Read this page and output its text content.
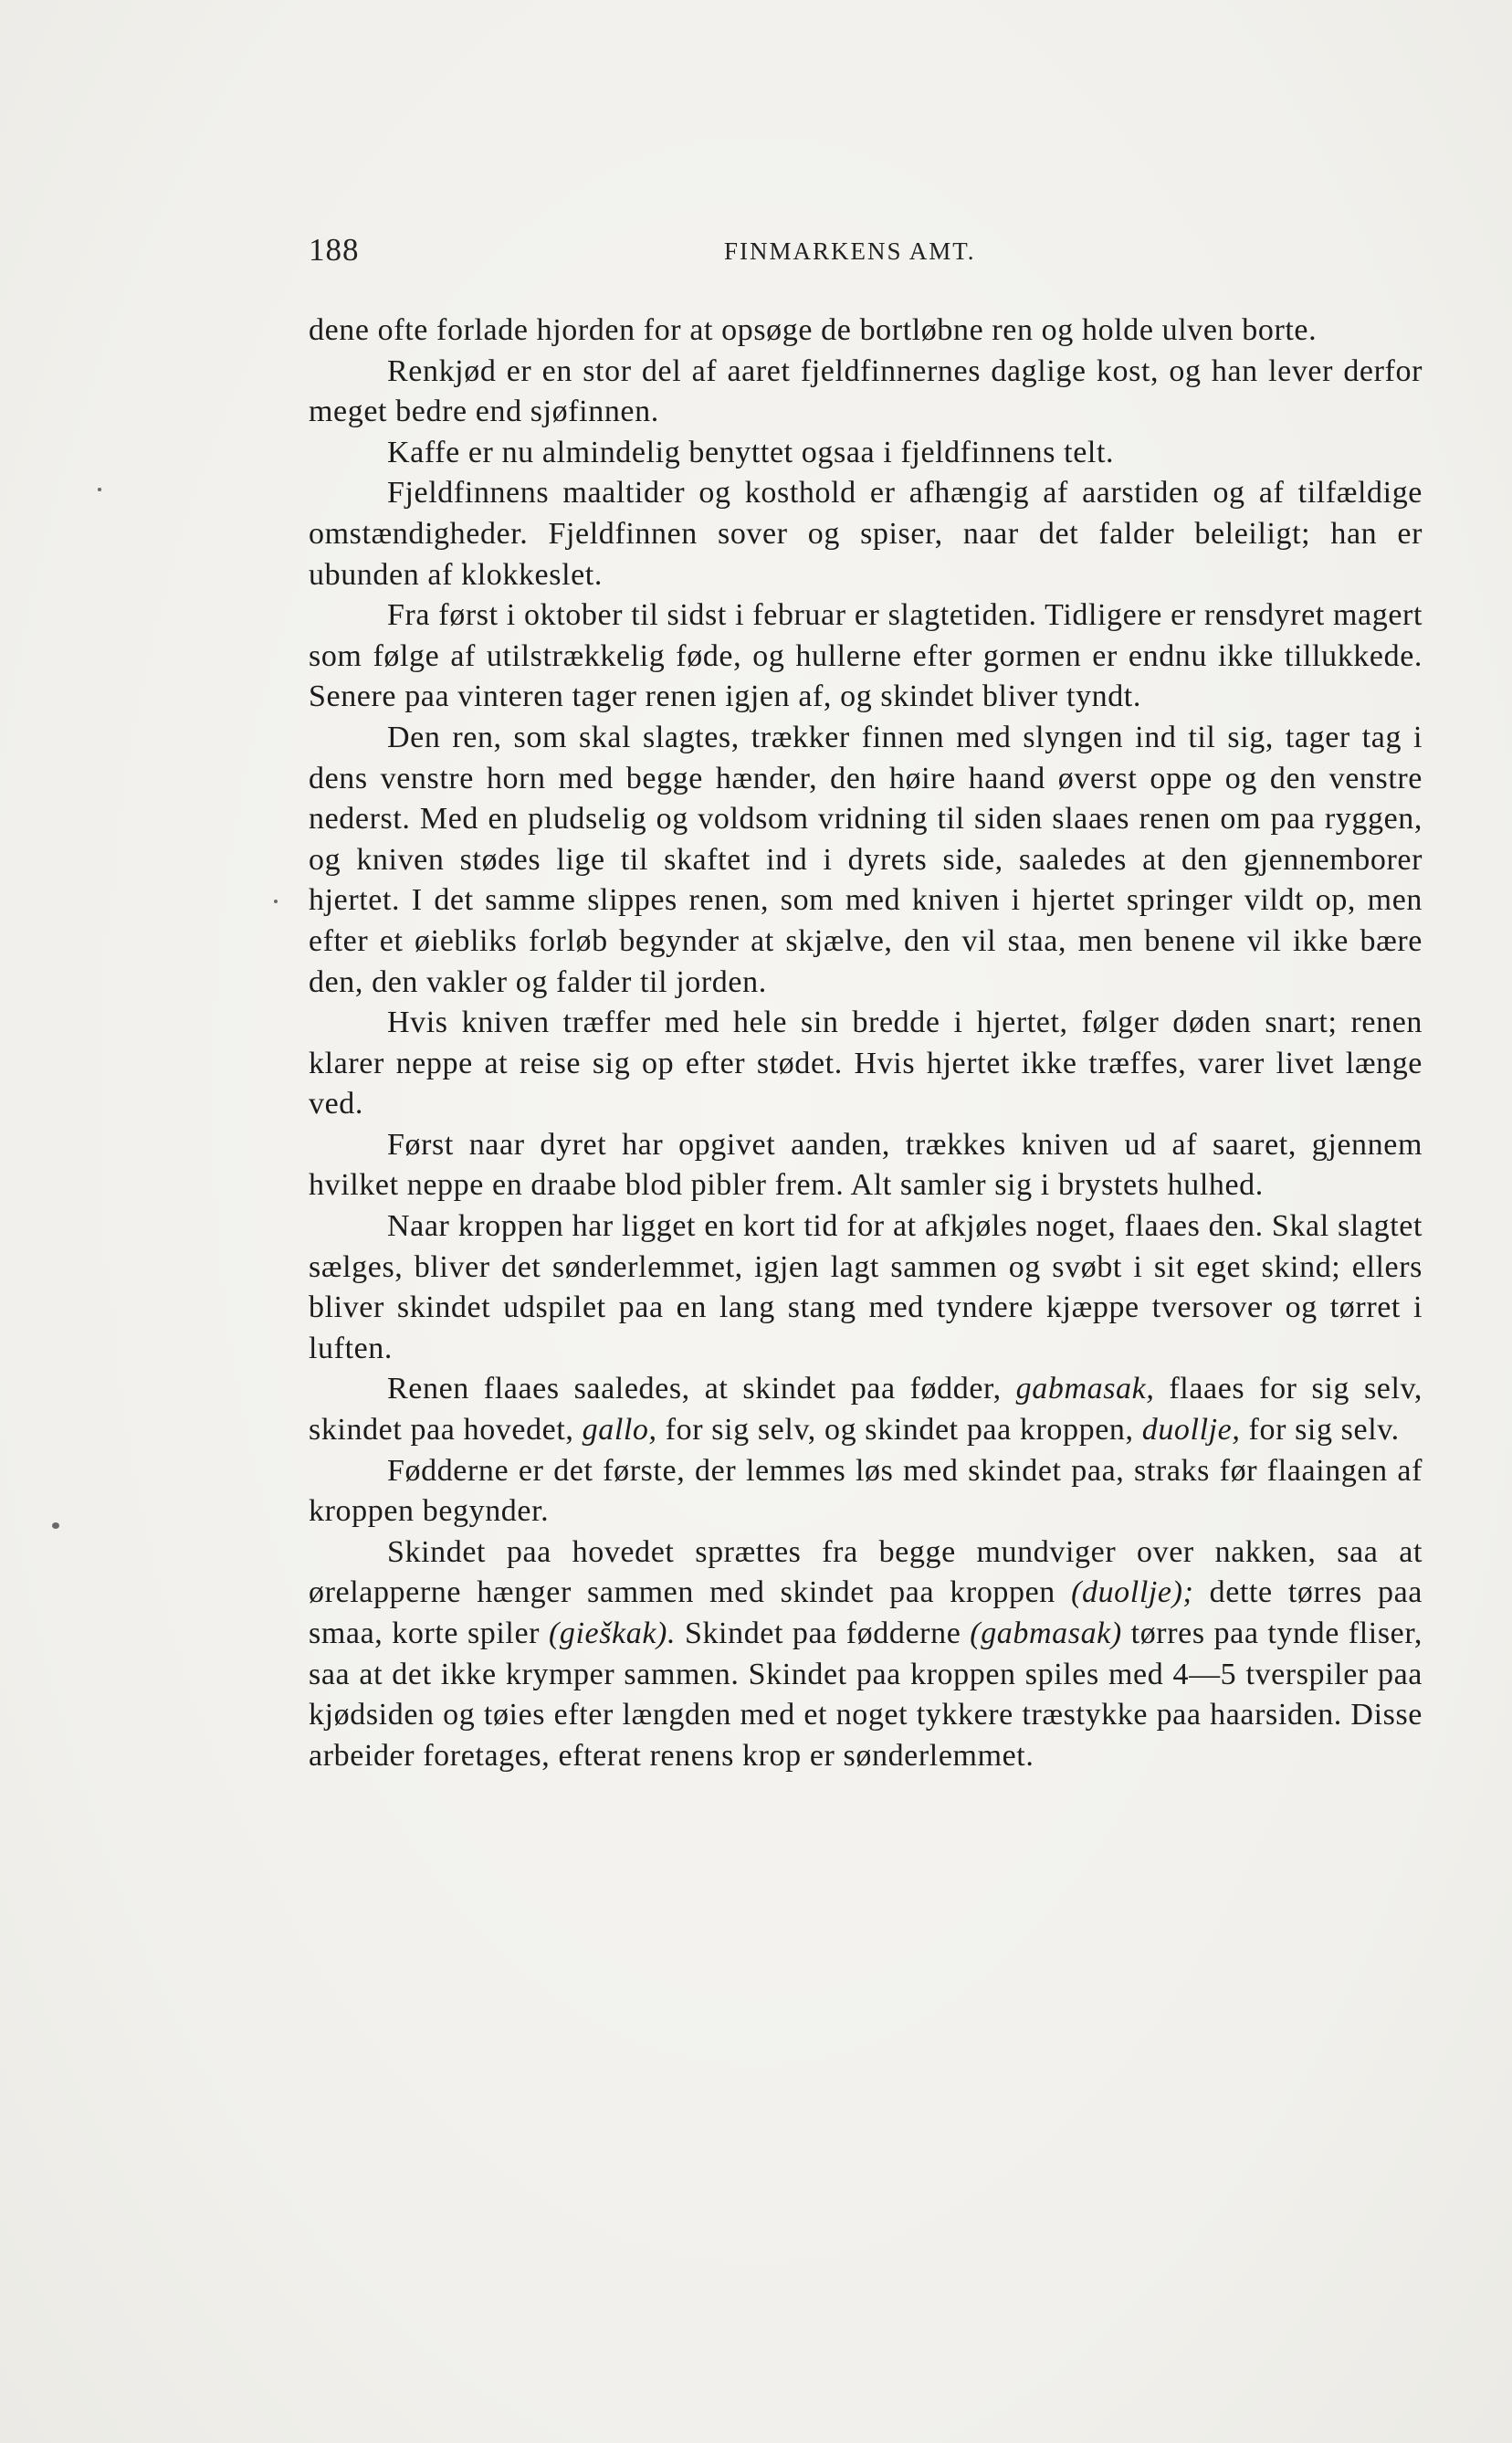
188	FINMARKENS AMT.

dene ofte forlade hjorden for at opsøge de bortløbne ren og holde ulven borte.

Renkjød er en stor del af aaret fjeldfinnernes daglige kost, og han lever derfor meget bedre end sjøfinnen.

Kaffe er nu almindelig benyttet ogsaa i fjeldfinnens telt.

Fjeldfinnens maaltider og kosthold er afhængig af aarstiden og af tilfældige omstændigheder. Fjeldfinnen sover og spiser, naar det falder beleiligt; han er ubunden af klokkeslet.

Fra først i oktober til sidst i februar er slagtetiden. Tidligere er rensdyret magert som følge af utilstrækkelig føde, og hullerne efter gormen er endnu ikke tillukkede. Senere paa vinteren tager renen igjen af, og skindet bliver tyndt.

Den ren, som skal slagtes, trækker finnen med slyngen ind til sig, tager tag i dens venstre horn med begge hænder, den høire haand øverst oppe og den venstre nederst. Med en pludselig og voldsom vridning til siden slaaes renen om paa ryggen, og kniven stødes lige til skaftet ind i dyrets side, saaledes at den gjennemborer hjertet. I det samme slippes renen, som med kniven i hjertet springer vildt op, men efter et øiebliks forløb begynder at skjælve, den vil staa, men benene vil ikke bære den, den vakler og falder til jorden.

Hvis kniven træffer med hele sin bredde i hjertet, følger døden snart; renen klarer neppe at reise sig op efter stødet. Hvis hjertet ikke træffes, varer livet længe ved.

Først naar dyret har opgivet aanden, trækkes kniven ud af saaret, gjennem hvilket neppe en draabe blod pibler frem. Alt samler sig i brystets hulhed.

Naar kroppen har ligget en kort tid for at afkjøles noget, flaaes den. Skal slagtet sælges, bliver det sønderlemmet, igjen lagt sammen og svøbt i sit eget skind; ellers bliver skindet udspilet paa en lang stang med tyndere kjæppe tversover og tørret i luften.

Renen flaaes saaledes, at skindet paa fødder, gabmasak, flaaes for sig selv, skindet paa hovedet, gallo, for sig selv, og skindet paa kroppen, duollje, for sig selv.

Fødderne er det første, der lemmes løs med skindet paa, straks før flaaingen af kroppen begynder.

Skindet paa hovedet sprættes fra begge mundviger over nakken, saa at ørelapperne hænger sammen med skindet paa kroppen (duollje); dette tørres paa smaa, korte spiler (gieškak). Skindet paa fødderne (gabmasak) tørres paa tynde fliser, saa at det ikke krymper sammen. Skindet paa kroppen spiles med 4—5 tverspiler paa kjødsiden og tøies efter længden med et noget tykkere træstykke paa haarsiden. Disse arbeider foretages, efterat renens krop er sønderlemmet.
